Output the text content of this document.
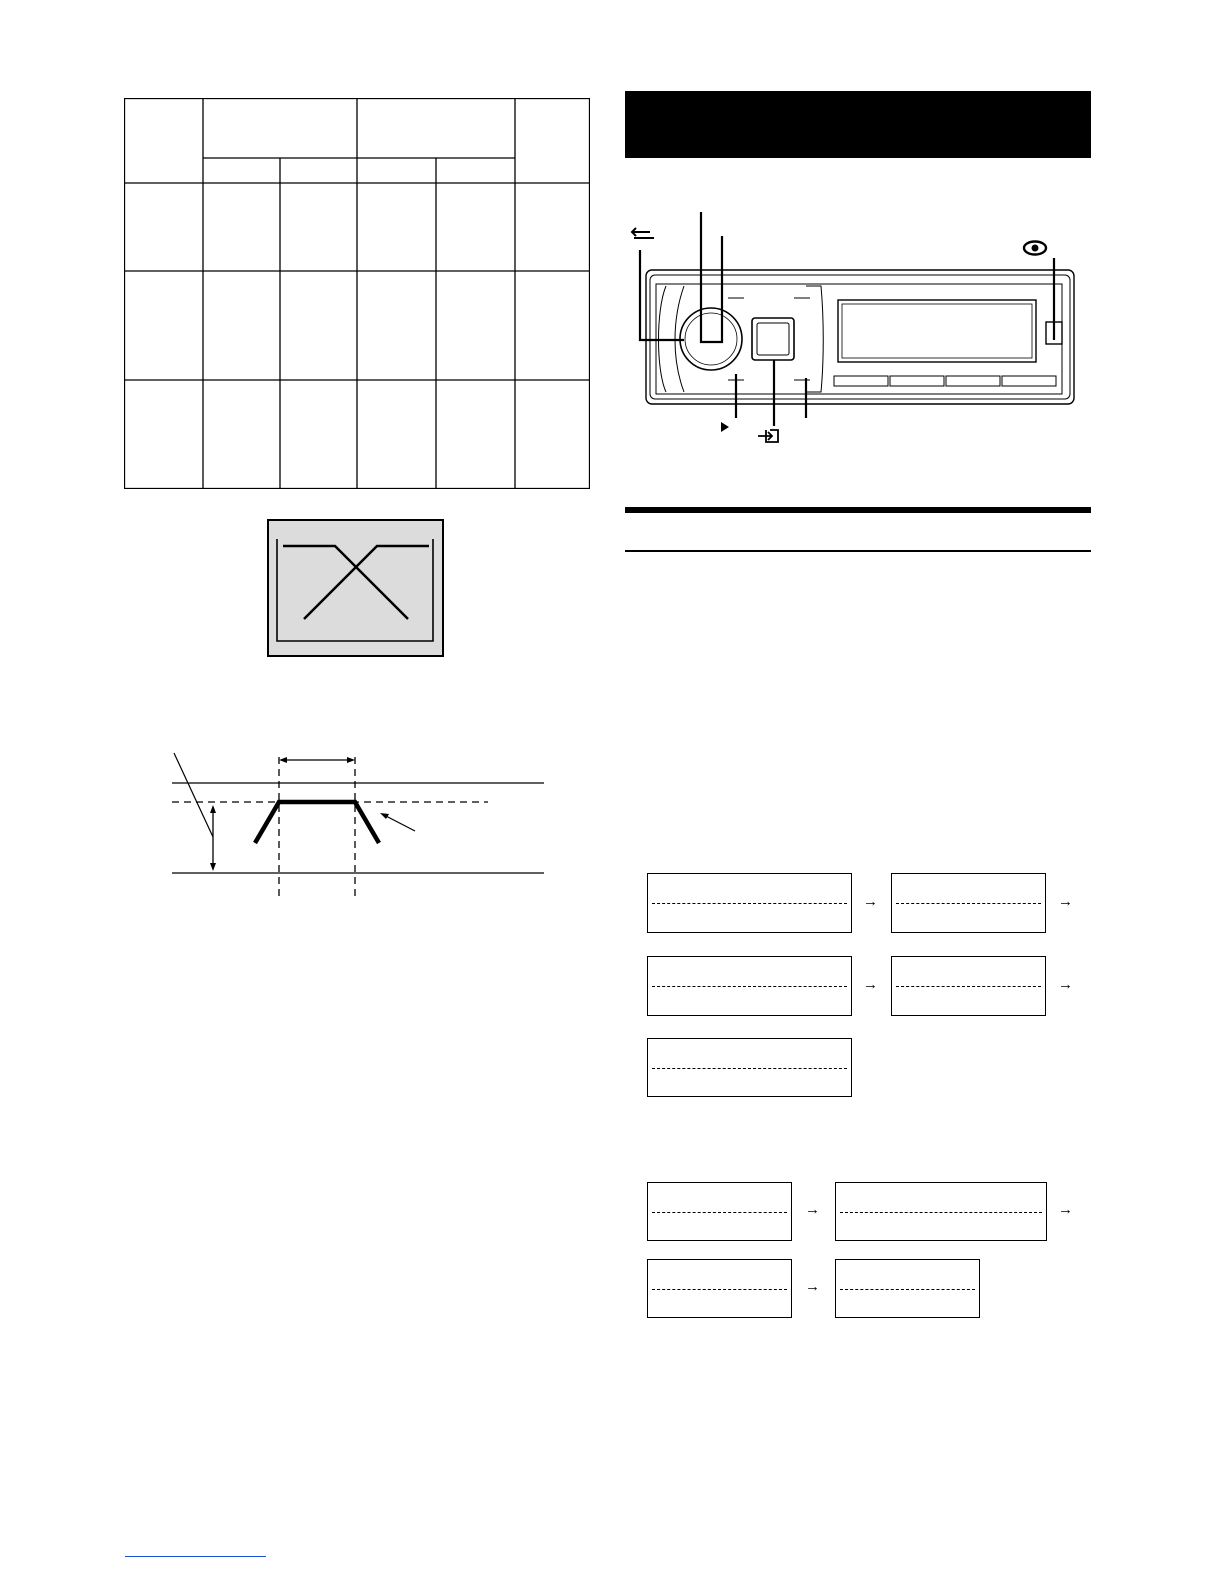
→	→
→	→
→	→
→
